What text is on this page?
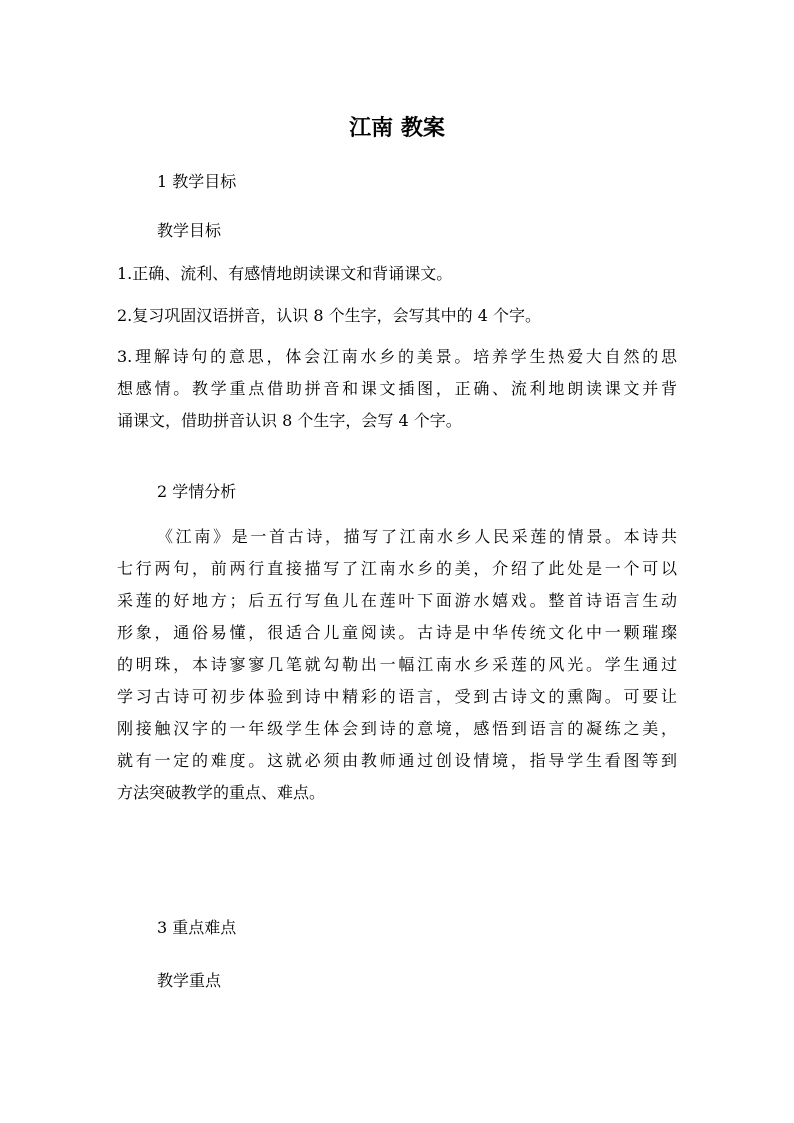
江南 教案

1 教学目标

教学目标

1.正确、流利、有感情地朗读课文和背诵课文。

2.复习巩固汉语拼音，认识 8 个生字，会写其中的 4 个字。

3.理解诗句的意思，体会江南水乡的美景。培养学生热爱大自然的思
想感情。教学重点借助拼音和课文插图，正确、流利地朗读课文并背
诵课文，借助拼音认识 8 个生字，会写 4 个字。

2 学情分析

《江南》是一首古诗，描写了江南水乡人民采莲的情景。本诗共
七行两句，前两行直接描写了江南水乡的美，介绍了此处是一个可以
采莲的好地方；后五行写鱼儿在莲叶下面游水嬉戏。整首诗语言生动
形象，通俗易懂，很适合儿童阅读。古诗是中华传统文化中一颗璀璨
的明珠，本诗寥寥几笔就勾勒出一幅江南水乡采莲的风光。学生通过
学习古诗可初步体验到诗中精彩的语言，受到古诗文的熏陶。可要让
刚接触汉字的一年级学生体会到诗的意境，感悟到语言的凝练之美，
就有一定的难度。这就必须由教师通过创设情境，指导学生看图等到
方法突破教学的重点、难点。

3 重点难点

教学重点
